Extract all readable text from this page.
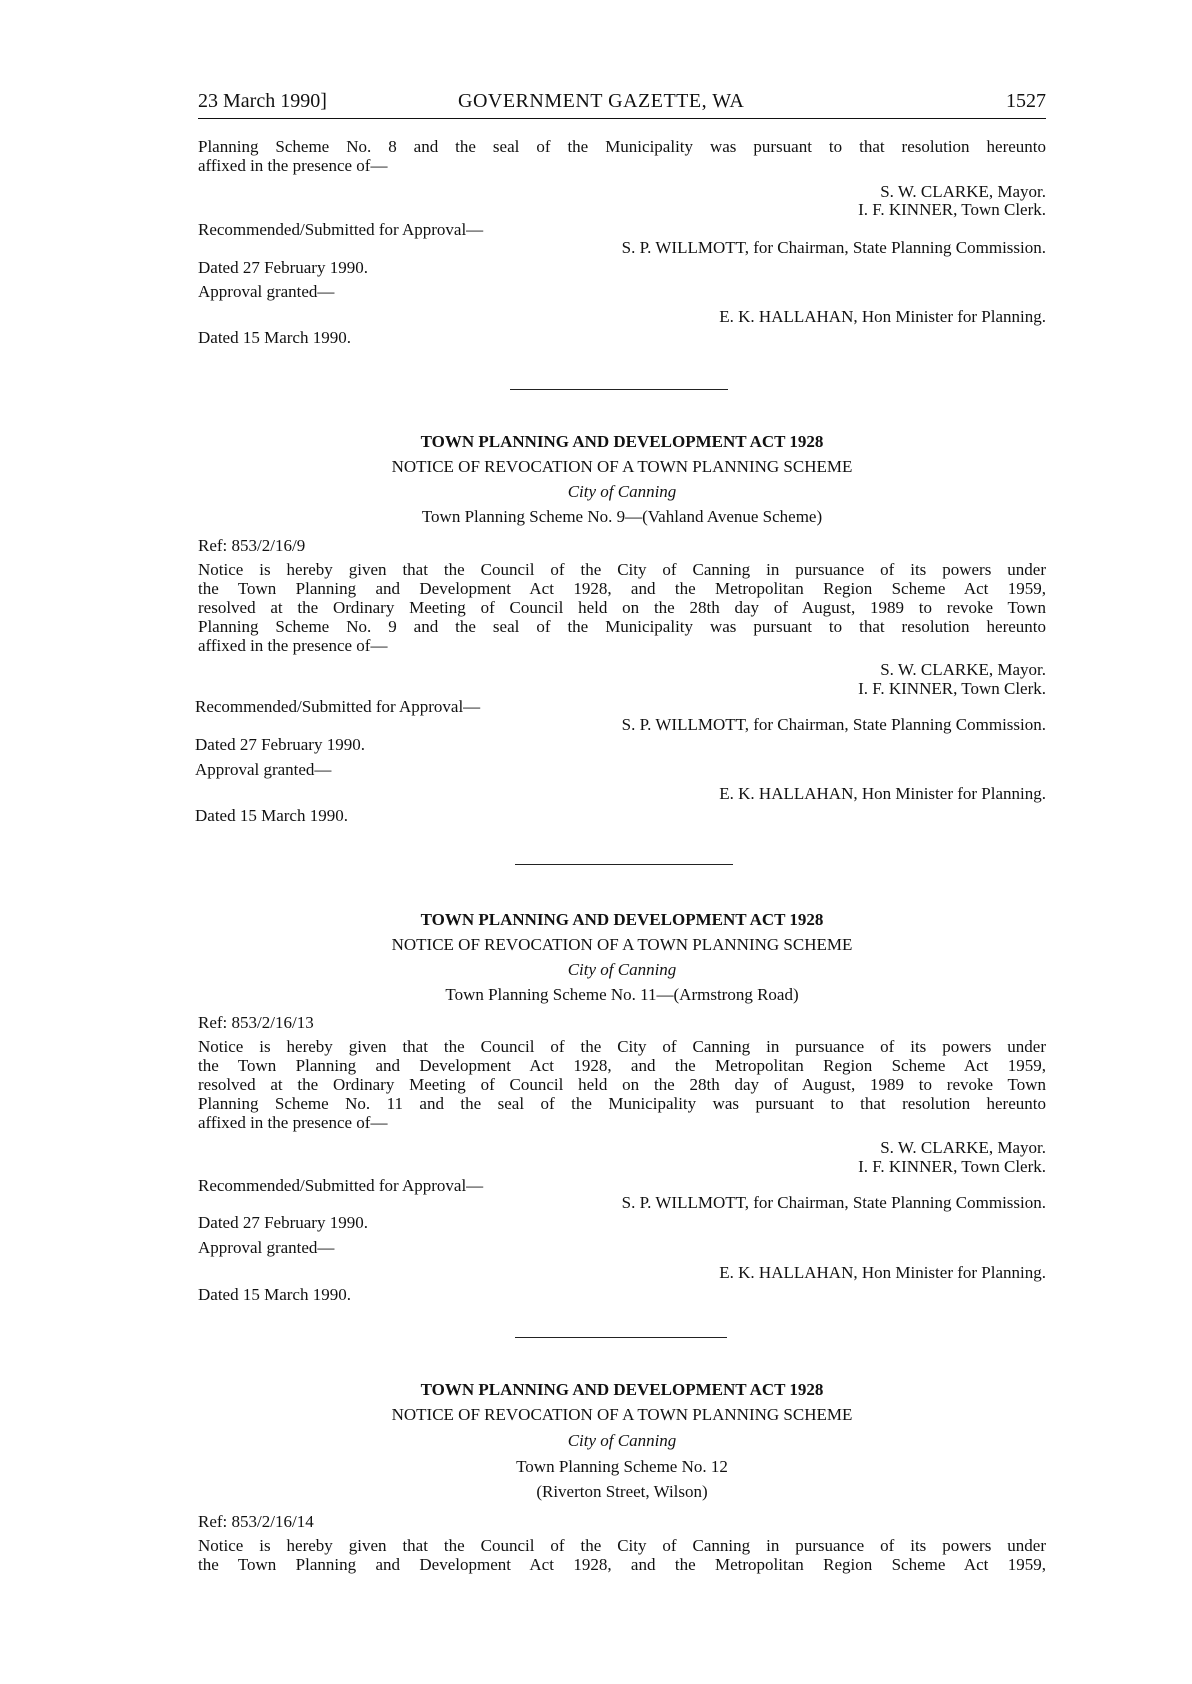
23 March 1990]	GOVERNMENT GAZETTE, WA	1527
Planning Scheme No. 8 and the seal of the Municipality was pursuant to that resolution hereunto
affixed in the presence of—
S. W. CLARKE, Mayor.
I. F. KINNER, Town Clerk.
Recommended/Submitted for Approval—
S. P. WILLMOTT, for Chairman, State Planning Commission.
Dated 27 February 1990.
Approval granted—
E. K. HALLAHAN, Hon Minister for Planning.
Dated 15 March 1990.
TOWN PLANNING AND DEVELOPMENT ACT 1928
NOTICE OF REVOCATION OF A TOWN PLANNING SCHEME
City of Canning
Town Planning Scheme No. 9—(Vahland Avenue Scheme)
Ref: 853/2/16/9
Notice is hereby given that the Council of the City of Canning in pursuance of its powers under
the Town Planning and Development Act 1928, and the Metropolitan Region Scheme Act 1959,
resolved at the Ordinary Meeting of Council held on the 28th day of August, 1989 to revoke Town
Planning Scheme No. 9 and the seal of the Municipality was pursuant to that resolution hereunto
affixed in the presence of—
S. W. CLARKE, Mayor.
I. F. KINNER, Town Clerk.
Recommended/Submitted for Approval—
S. P. WILLMOTT, for Chairman, State Planning Commission.
Dated 27 February 1990.
Approval granted—
E. K. HALLAHAN, Hon Minister for Planning.
Dated 15 March 1990.
TOWN PLANNING AND DEVELOPMENT ACT 1928
NOTICE OF REVOCATION OF A TOWN PLANNING SCHEME
City of Canning
Town Planning Scheme No. 11—(Armstrong Road)
Ref: 853/2/16/13
Notice is hereby given that the Council of the City of Canning in pursuance of its powers under
the Town Planning and Development Act 1928, and the Metropolitan Region Scheme Act 1959,
resolved at the Ordinary Meeting of Council held on the 28th day of August, 1989 to revoke Town
Planning Scheme No. 11 and the seal of the Municipality was pursuant to that resolution hereunto
affixed in the presence of—
S. W. CLARKE, Mayor.
I. F. KINNER, Town Clerk.
Recommended/Submitted for Approval—
S. P. WILLMOTT, for Chairman, State Planning Commission.
Dated 27 February 1990.
Approval granted—
E. K. HALLAHAN, Hon Minister for Planning.
Dated 15 March 1990.
TOWN PLANNING AND DEVELOPMENT ACT 1928
NOTICE OF REVOCATION OF A TOWN PLANNING SCHEME
City of Canning
Town Planning Scheme No. 12
(Riverton Street, Wilson)
Ref: 853/2/16/14
Notice is hereby given that the Council of the City of Canning in pursuance of its powers under
the Town Planning and Development Act 1928, and the Metropolitan Region Scheme Act 1959,
